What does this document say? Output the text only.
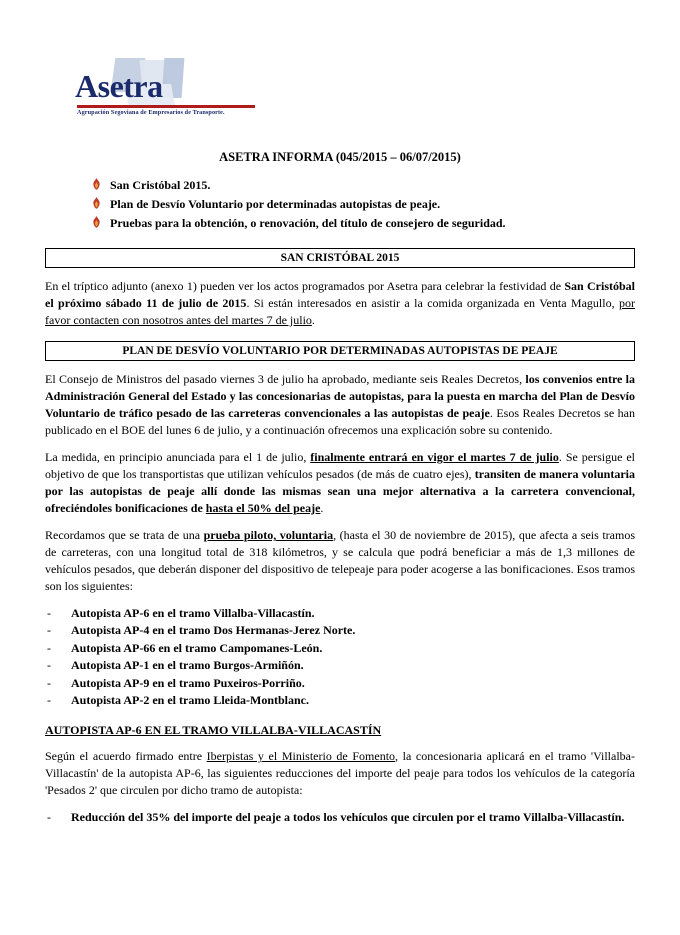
Asetra
Agrupación Segoviana de Empresarios de Transporte.
ASETRA INFORMA (045/2015 – 06/07/2015)
San Cristóbal 2015.
Plan de Desvío Voluntario por determinadas autopistas de peaje.
Pruebas para la obtención, o renovación, del título de consejero de seguridad.
SAN CRISTÓBAL 2015

En el tríptico adjunto (anexo 1) pueden ver los actos programados por Asetra para celebrar la festividad de San Cristóbal el próximo sábado 11 de julio de 2015. Si están interesados en asistir a la comida organizada en Venta Magullo, por favor contacten con nosotros antes del martes 7 de julio.

PLAN DE DESVÍO VOLUNTARIO POR DETERMINADAS AUTOPISTAS DE PEAJE

El Consejo de Ministros del pasado viernes 3 de julio ha aprobado, mediante seis Reales Decretos, los convenios entre la Administración General del Estado y las concesionarias de autopistas, para la puesta en marcha del Plan de Desvío Voluntario de tráfico pesado de las carreteras convencionales a las autopistas de peaje. Esos Reales Decretos se han publicado en el BOE del lunes 6 de julio, y a continuación ofrecemos una explicación sobre su contenido.

La medida, en principio anunciada para el 1 de julio, finalmente entrará en vigor el martes 7 de julio. Se persigue el objetivo de que los transportistas que utilizan vehículos pesados (de más de cuatro ejes), transiten de manera voluntaria por las autopistas de peaje allí donde las mismas sean una mejor alternativa a la carretera convencional, ofreciéndoles bonificaciones de hasta el 50% del peaje.

Recordamos que se trata de una prueba piloto, voluntaria, (hasta el 30 de noviembre de 2015), que afecta a seis tramos de carreteras, con una longitud total de 318 kilómetros, y se calcula que podrá beneficiar a más de 1,3 millones de vehículos pesados, que deberán disponer del dispositivo de telepeaje para poder acogerse a las bonificaciones. Esos tramos son los siguientes:

- Autopista AP-6 en el tramo Villalba-Villacastín.
- Autopista AP-4 en el tramo Dos Hermanas-Jerez Norte.
- Autopista AP-66 en el tramo Campomanes-León.
- Autopista AP-1 en el tramo Burgos-Armiñón.
- Autopista AP-9 en el tramo Puxeiros-Porriño.
- Autopista AP-2 en el tramo Lleida-Montblanc.
AUTOPISTA AP-6 EN EL TRAMO VILLALBA-VILLACASTÍN

Según el acuerdo firmado entre Iberpistas y el Ministerio de Fomento, la concesionaria aplicará en el tramo 'Villalba-Villacastín' de la autopista AP-6, las siguientes reducciones del importe del peaje para todos los vehículos de la categoría 'Pesados 2' que circulen por dicho tramo de autopista:

- Reducción del 35% del importe del peaje a todos los vehículos que circulen por el tramo Villalba-Villacastín.
